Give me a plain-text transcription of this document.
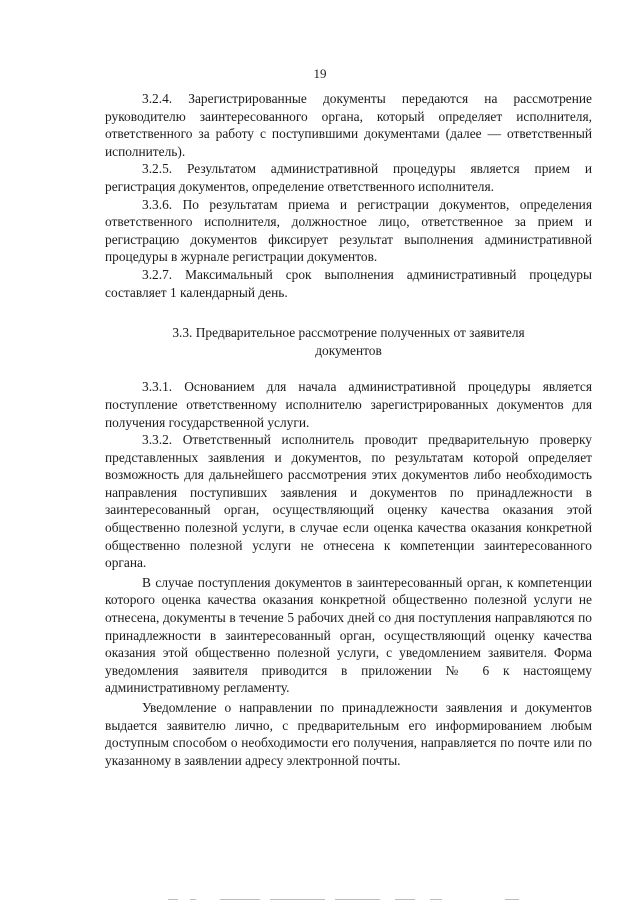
19

3.2.4. Зарегистрированные документы передаются на рассмотрение руководителю заинтересованного органа, который определяет исполнителя, ответственного за работу с поступившими документами (далее — ответственный исполнитель).

3.2.5. Результатом административной процедуры является прием и регистрация документов, определение ответственного исполнителя.

3.3.6. По результатам приема и регистрации документов, определения ответственного исполнителя, должностное лицо, ответственное за прием и регистрацию документов фиксирует результат выполнения административной процедуры в журнале регистрации документов.

3.2.7. Максимальный срок выполнения административный процедуры составляет 1 календарный день.

3.3. Предварительное рассмотрение полученных от заявителя
документов

3.3.1. Основанием для начала административной процедуры является поступление ответственному исполнителю зарегистрированных документов для получения государственной услуги.

3.3.2. Ответственный исполнитель проводит предварительную проверку представленных заявления и документов, по результатам которой определяет возможность для дальнейшего рассмотрения этих документов либо необходимость направления поступивших заявления и документов по принадлежности в заинтересованный орган, осуществляющий оценку качества оказания этой общественно полезной услуги, в случае если оценка качества оказания конкретной общественно полезной услуги не отнесена к компетенции заинтересованного органа.

В случае поступления документов в заинтересованный орган, к компетенции которого оценка качества оказания конкретной общественно полезной услуги не отнесена, документы в течение 5 рабочих дней со дня поступления направляются по принадлежности в заинтересованный орган, осуществляющий оценку качества оказания этой общественно полезной услуги, с уведомлением заявителя. Форма уведомления заявителя приводится в приложении № 6 к настоящему административному регламенту.

Уведомление о направлении по принадлежности заявления и документов выдается заявителю лично, с предварительным его информированием любым доступным способом о необходимости его получения, направляется по почте или по указанному в заявлении адресу электронной почты.
